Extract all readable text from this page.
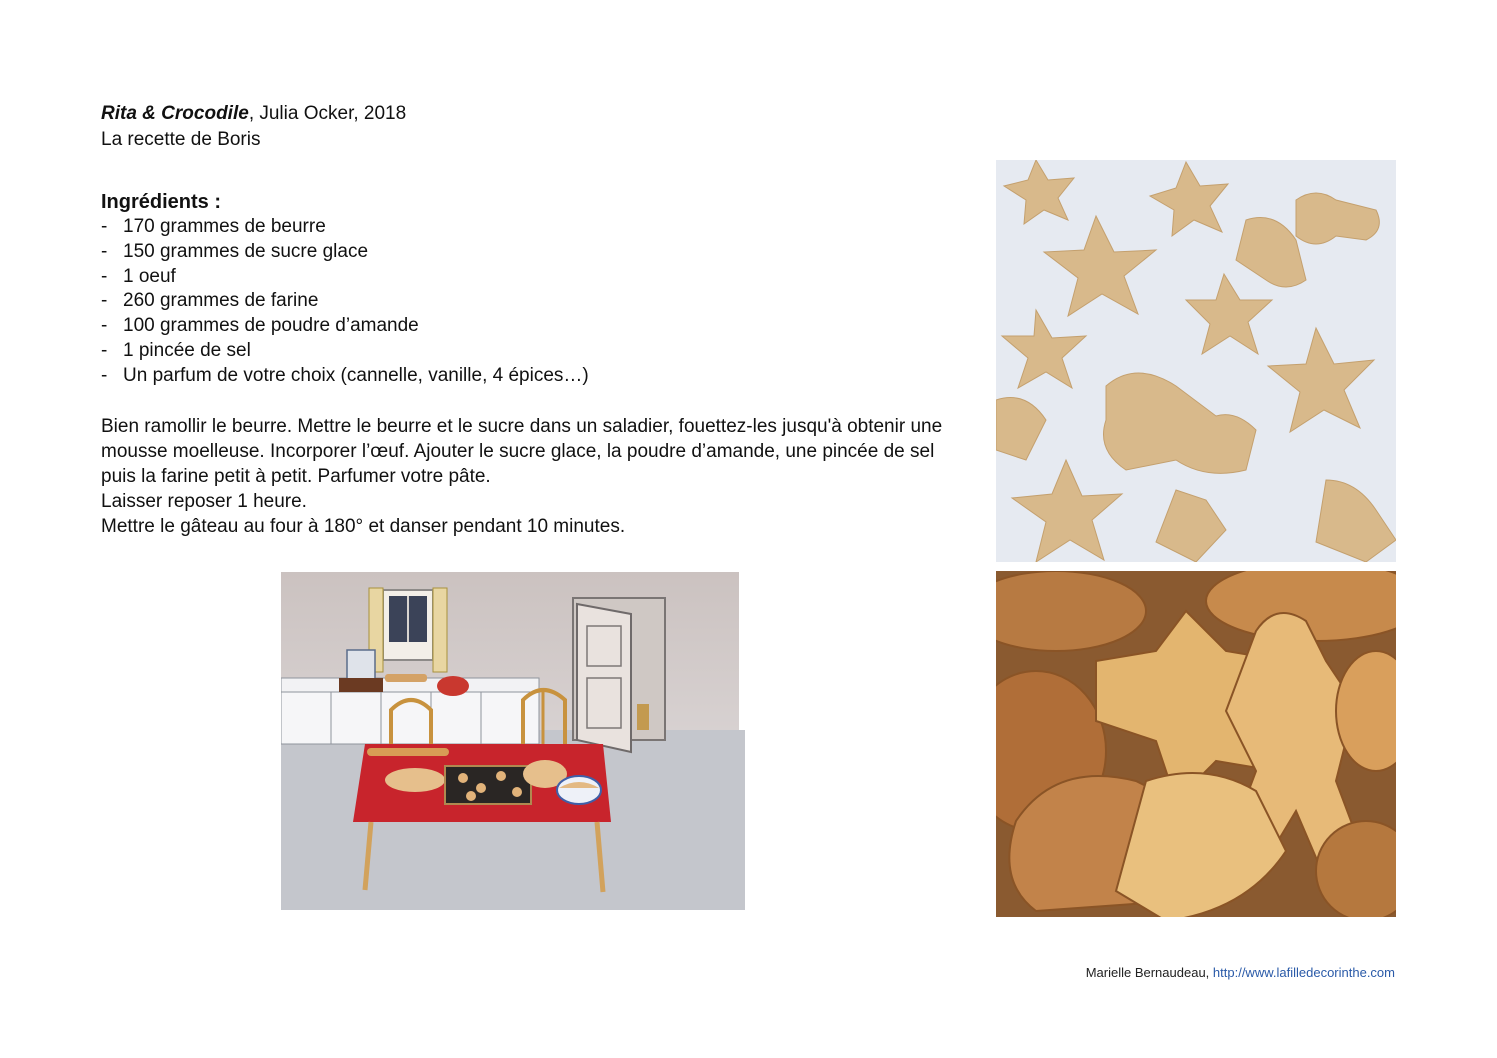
Rita & Crocodile, Julia Ocker, 2018
La recette de Boris
Ingrédients :
- 170 grammes de beurre
- 150 grammes de sucre glace
- 1 oeuf
- 260 grammes de farine
- 100 grammes de poudre d’amande
- 1 pincée de sel
- Un parfum de votre choix (cannelle, vanille, 4 épices…)

Bien ramollir le beurre. Mettre le beurre et le sucre dans un saladier, fouettez-les jusqu'à obtenir une

mousse moelleuse. Incorporer l’œuf. Ajouter le sucre glace, la poudre d’amande, une pincée de sel

puis la farine petit à petit. Parfumer votre pâte.

Laisser reposer 1 heure.

Mettre le gâteau au four à 180° et danser pendant 10 minutes.

Marielle Bernaudeau, http://www.lafilledecorinthe.com
